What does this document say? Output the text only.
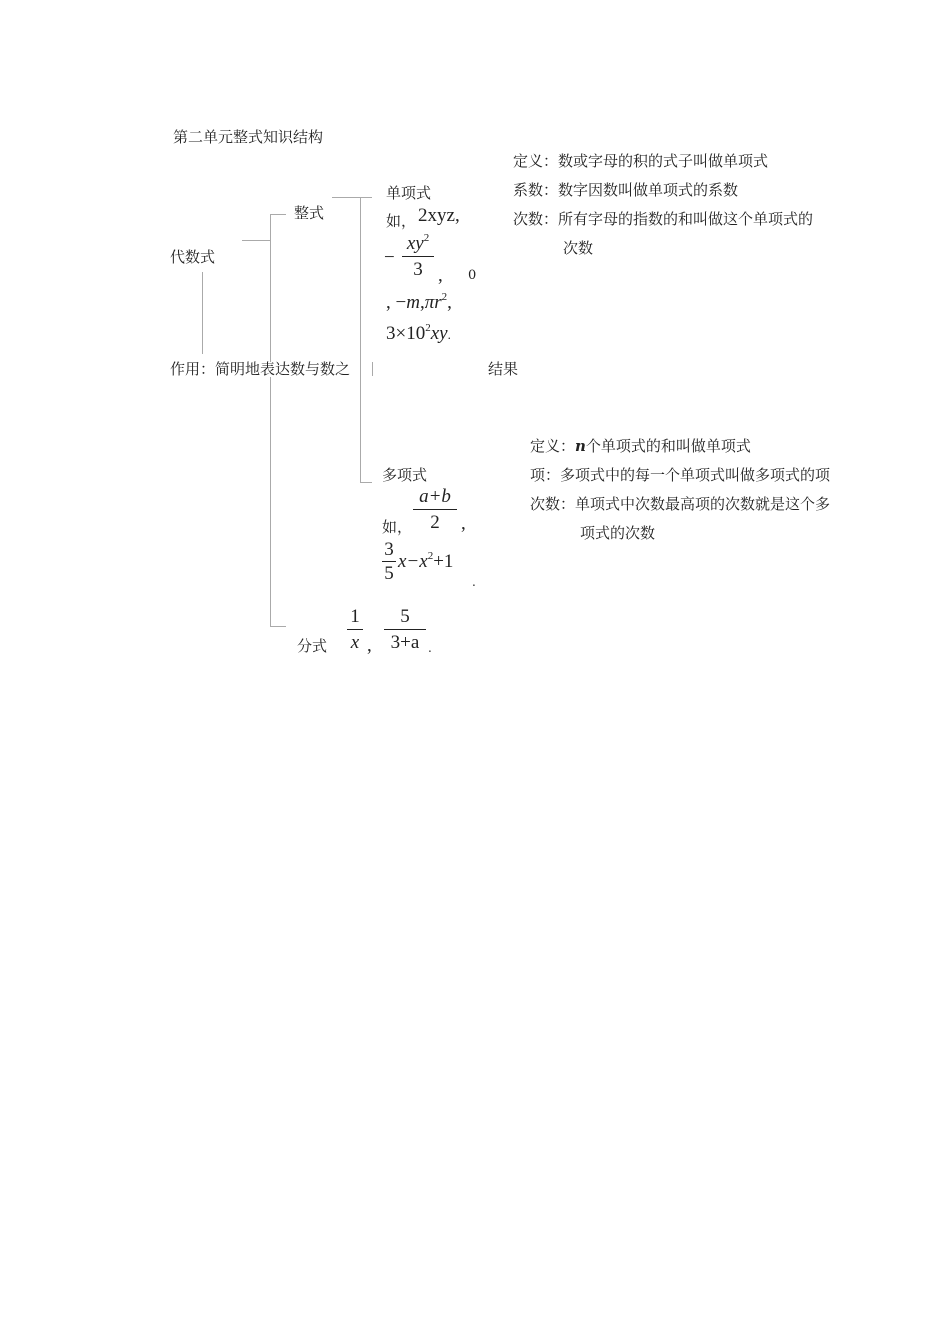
第二单元整式知识结构
代数式
作用：简明地表达数与数之	结果
整式
分式
单项式
如， 2xyz,
−
$xy^2$
3 , 0
, $-m,\pi r^2$,
$3\times 10^2xy$.
定义：数或字母的积的式子叫做单项式
系数：数字因数叫做单项式的系数
次数：所有字母的指数的和叫做这个单项式的
次数
多项式
a+b
2
如，	,
3
5
$x-x^2+1$
.
定义：n个单项式的和叫做单项式
项：多项式中的每一个单项式叫做多项式的项
次数：单项式中次数最高项的次数就是这个多
项式的次数
1
x ,
5
3+a .
